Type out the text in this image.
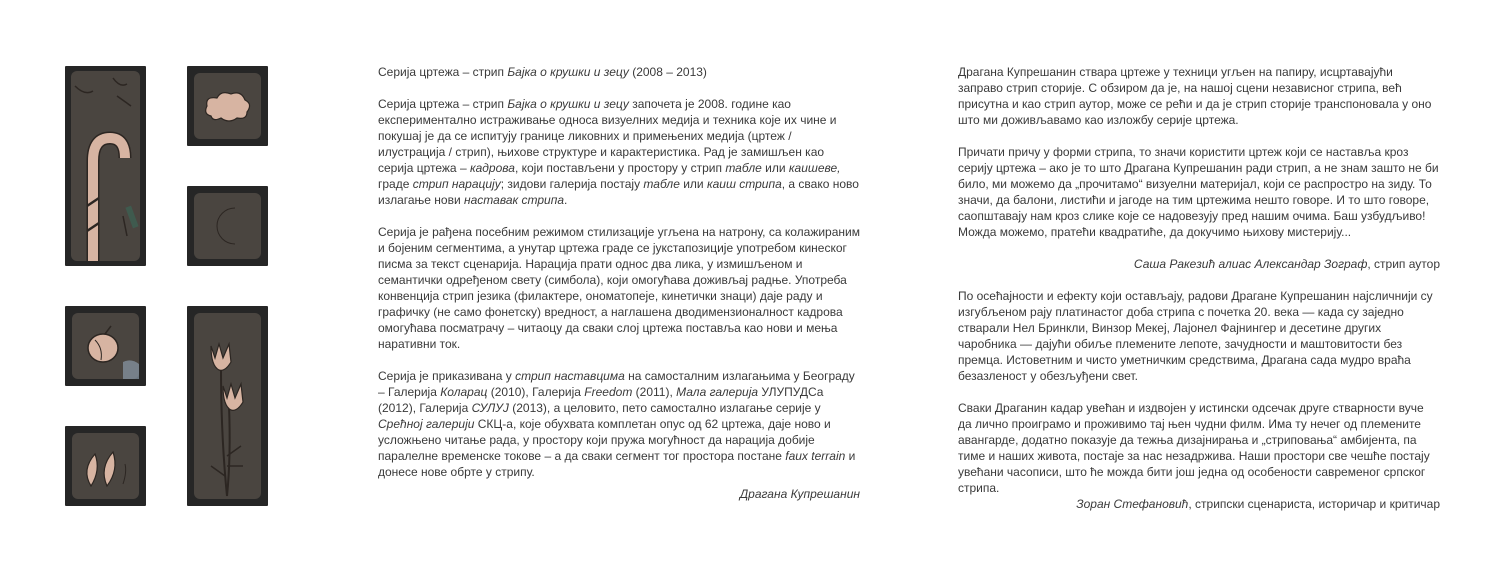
Серија цртежа – стрип Бајка о крушки и зецу (2008 – 2013)

Серија цртежа – стрип Бајка о крушки и зецу започета је 2008. године као експериментално истраживање односа визуелних медија и техника које их чине и покушај је да се испитују границе ликовних и примењених медија (цртеж / илустрација / стрип), њихове структуре и карактеристика. Рад је замишљен као серија цртежа – кадрова, који постављени у простору у стрип табле или каишеве, граде стрип нарацију; зидови галерија постају табле или каиш стрипа, а свако ново излагање нови наставак стрипа.

Серија је рађена посебним режимом стилизације угљена на натрону, са колажираним и бојеним сегментима, а унутар цртежа граде се јукстапозиције употребом кинеског писма за текст сценарија. Нарација прати однос два лика, у измишљеном и семантички одређеном свету (симбола), који омогућава доживљај радње. Употреба конвенција стрип језика (филактере, ономатопеје, кинетички знаци) даје раду и графичку (не само фонетску) вредност, а наглашена дводимензионалност кадрова омогућава посматрачу – читаоцу да сваки слој цртежа поставља као нови и мења наративни ток.

Серија је приказивана у стрип наставцима на самосталним излагањима у Београду – Галерија Коларац (2010), Галерија Freedom (2011), Мала галерија УЛУПУДСа (2012), Галерија СУЛУЈ (2013), а целовито, пето самостално излагање серије у Срећној галерији СКЦ-а, које обухвата комплетан опус од 62 цртежа, даје ново и усложњено читање рада, у простору који пружа могућност да нарација добије паралелне временске токове – а да сваки сегмент тог простора постане faux terrain и донесе нове обрте у стрипу.

Драгана Купрешанин

Драгана Купрешанин ствара цртеже у техници угљен на папиру, исцртавајући заправо стрип сторије. С обзиром да је, на нашој сцени независног стрипа, већ присутна и као стрип аутор, може се рећи и да је стрип сторије транспоновала у оно што ми доживљавамо као изложбу серије цртежа.

Причати причу у форми стрипа, то значи користити цртеж који се наставља кроз серију цртежа – ако је то што Драгана Купрешанин ради стрип, а не знам зашто не би било, ми можемо да „прочитамо“ визуелни материјал, који се распростро на зиду. То значи, да балони, листићи и јагоде на тим цртежима нешто говоре. И то што говоре, саопштавају нам кроз слике које се надовезују пред нашим очима. Баш узбудљиво! Можда можемо, пратећи квадратиће, да докучимо њихову мистерију...

Саша Ракезић алиас Александар Зограф, стрип аутор

По осећајности и ефекту који остављају, радови Драгане Купрешанин најсличнији су изгубљеном рају платинастог доба стрипа с почетка 20. века — када су заједно стварали Нел Бринкли, Винзор Мекеј, Лајонел Фајнингер и десетине других чаробника — дајући обиље племените лепоте, зачудности и маштовитости без премца. Истоветним и чисто уметничким средствима, Драгана сада мудро враћа безазленост у обезљуђени свет.

Сваки Драганин кадар увећан и издвојен у истински одсечак друге стварности вуче да лично проиграмо и проживимо тај њен чудни филм. Има ту нечег од племените авангарде, додатно показује да тежња дизајнирања и „стриповања“ амбијента, па тиме и наших живота, постаје за нас незадржива. Наши простори све чешће постају увећани часописи, што ће можда бити још једна од особености савременог српског стрипа.

Зоран Стефановић, стрипски сценариста, историчар и критичар
